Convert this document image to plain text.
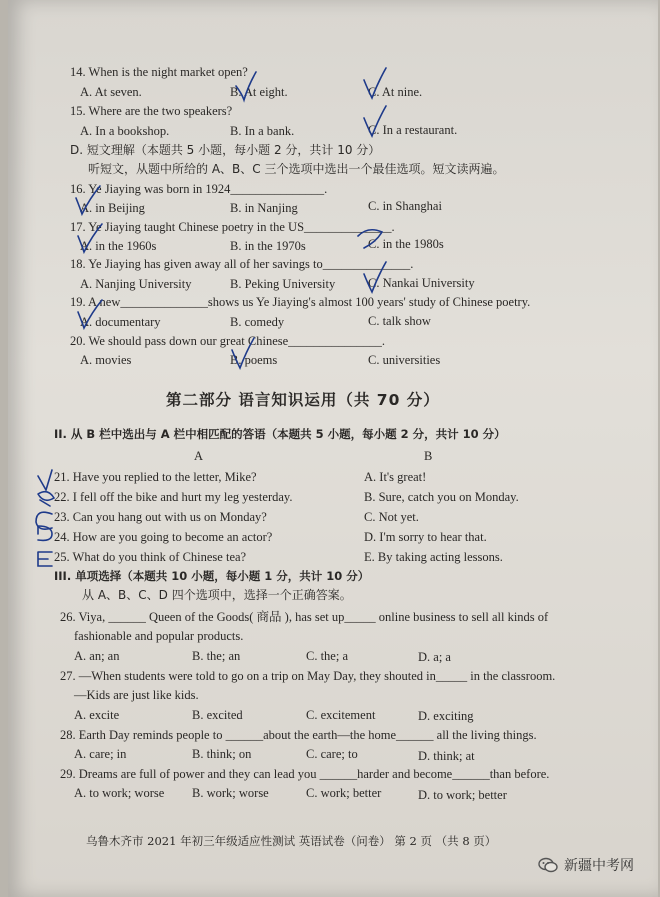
14. When is the night market open?
A. At seven.	B. At eight.	C. At nine.
15. Where are the two speakers?
A. In a bookshop.	B. In a bank.	C. In a restaurant.
D. 短文理解（本题共 5 小题，每小题 2 分，共计 10 分）
听短文，从题中所给的 A、B、C 三个选项中选出一个最佳选项。短文读两遍。
16. Ye Jiaying was born in 1924_______________.
A. in Beijing	B. in Nanjing	C. in Shanghai
17. Ye Jiaying taught Chinese poetry in the US______________.
A. in the 1960s	B. in the 1970s	C. in the 1980s
18. Ye Jiaying has given away all of her savings to______________.
A. Nanjing University	B. Peking University	C. Nankai University
19. A new______________shows us Ye Jiaying's almost 100 years' study of Chinese poetry.
A. documentary	B. comedy	C. talk show
20. We should pass down our great Chinese_______________.
A. movies	B. poems	C. universities
第二部分 语言知识运用（共 70 分）
II. 从 B 栏中选出与 A 栏中相匹配的答语（本题共 5 小题，每小题 2 分，共计 10 分）
A	B
21. Have you replied to the letter, Mike?	A. It's great!
22. I fell off the bike and hurt my leg yesterday.	B. Sure, catch you on Monday.
23. Can you hang out with us on Monday?	C. Not yet.
24. How are you going to become an actor?	D. I'm sorry to hear that.
25. What do you think of Chinese tea?	E. By taking acting lessons.
III. 单项选择（本题共 10 小题，每小题 1 分，共计 10 分）
从 A、B、C、D 四个选项中，选择一个正确答案。
26. Viya, ______ Queen of the Goods( 商品 ), has set up_____ online business to sell all kinds of
fashionable and popular products.
A. an; an	B. the; an	C. the; a	D. a; a
27. —When students were told to go on a trip on May Day, they shouted in_____ in the classroom.
—Kids are just like kids.
A. excite	B. excited	C. excitement	D. exciting
28. Earth Day reminds people to ______about the earth—the home______ all the living things.
A. care; in	B. think; on	C. care; to	D. think; at
29. Dreams are full of power and they can lead you ______harder and become______than before.
A. to work; worse B. work; worse	C. work; better	D. to work; better
乌鲁木齐市 2021 年初三年级适应性测试 英语试卷（问卷） 第 2 页 （共 8 页）
新疆中考网
